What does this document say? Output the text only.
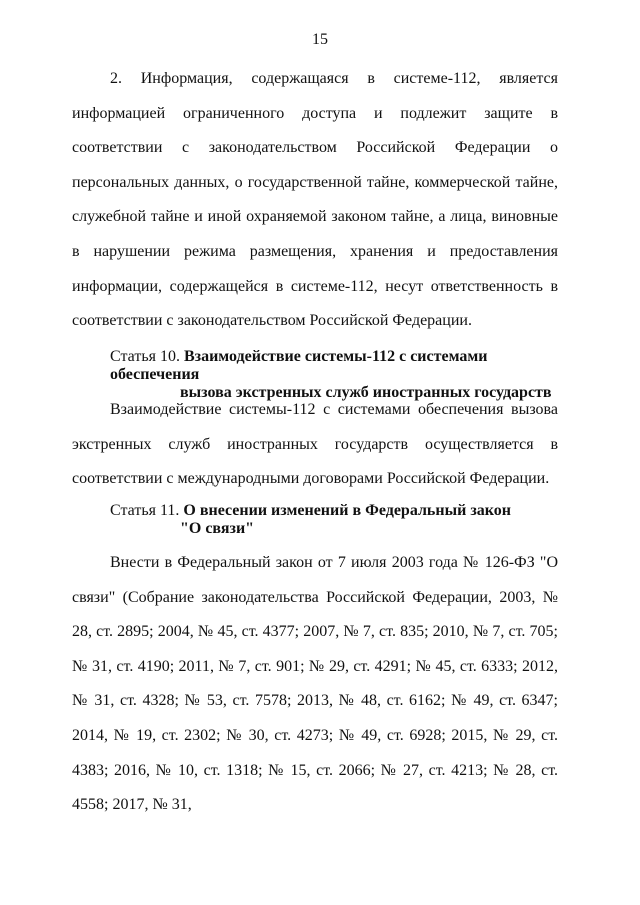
15

2. Информация, содержащаяся в системе-112, является информацией ограниченного доступа и подлежит защите в соответствии с законодательством Российской Федерации о персональных данных, о государственной тайне, коммерческой тайне, служебной тайне и иной охраняемой законом тайне, а лица, виновные в нарушении режима размещения, хранения и предоставления информации, содержащейся в системе-112, несут ответственность в соответствии с законодательством Российской Федерации.

Статья 10. Взаимодействие системы-112 с системами обеспечения
вызова экстренных служб иностранных государств

Взаимодействие системы-112 с системами обеспечения вызова экстренных служб иностранных государств осуществляется в соответствии с международными договорами Российской Федерации.

Статья 11. О внесении изменений в Федеральный закон
"О связи"

Внести в Федеральный закон от 7 июля 2003 года № 126-ФЗ "О связи" (Собрание законодательства Российской Федерации, 2003, № 28, ст. 2895; 2004, № 45, ст. 4377; 2007, № 7, ст. 835; 2010, № 7, ст. 705; № 31, ст. 4190; 2011, № 7, ст. 901; № 29, ст. 4291; № 45, ст. 6333; 2012, № 31, ст. 4328; № 53, ст. 7578; 2013, № 48, ст. 6162; № 49, ст. 6347; 2014, № 19, ст. 2302; № 30, ст. 4273; № 49, ст. 6928; 2015, № 29, ст. 4383; 2016, № 10, ст. 1318; № 15, ст. 2066; № 27, ст. 4213; № 28, ст. 4558; 2017, № 31,
